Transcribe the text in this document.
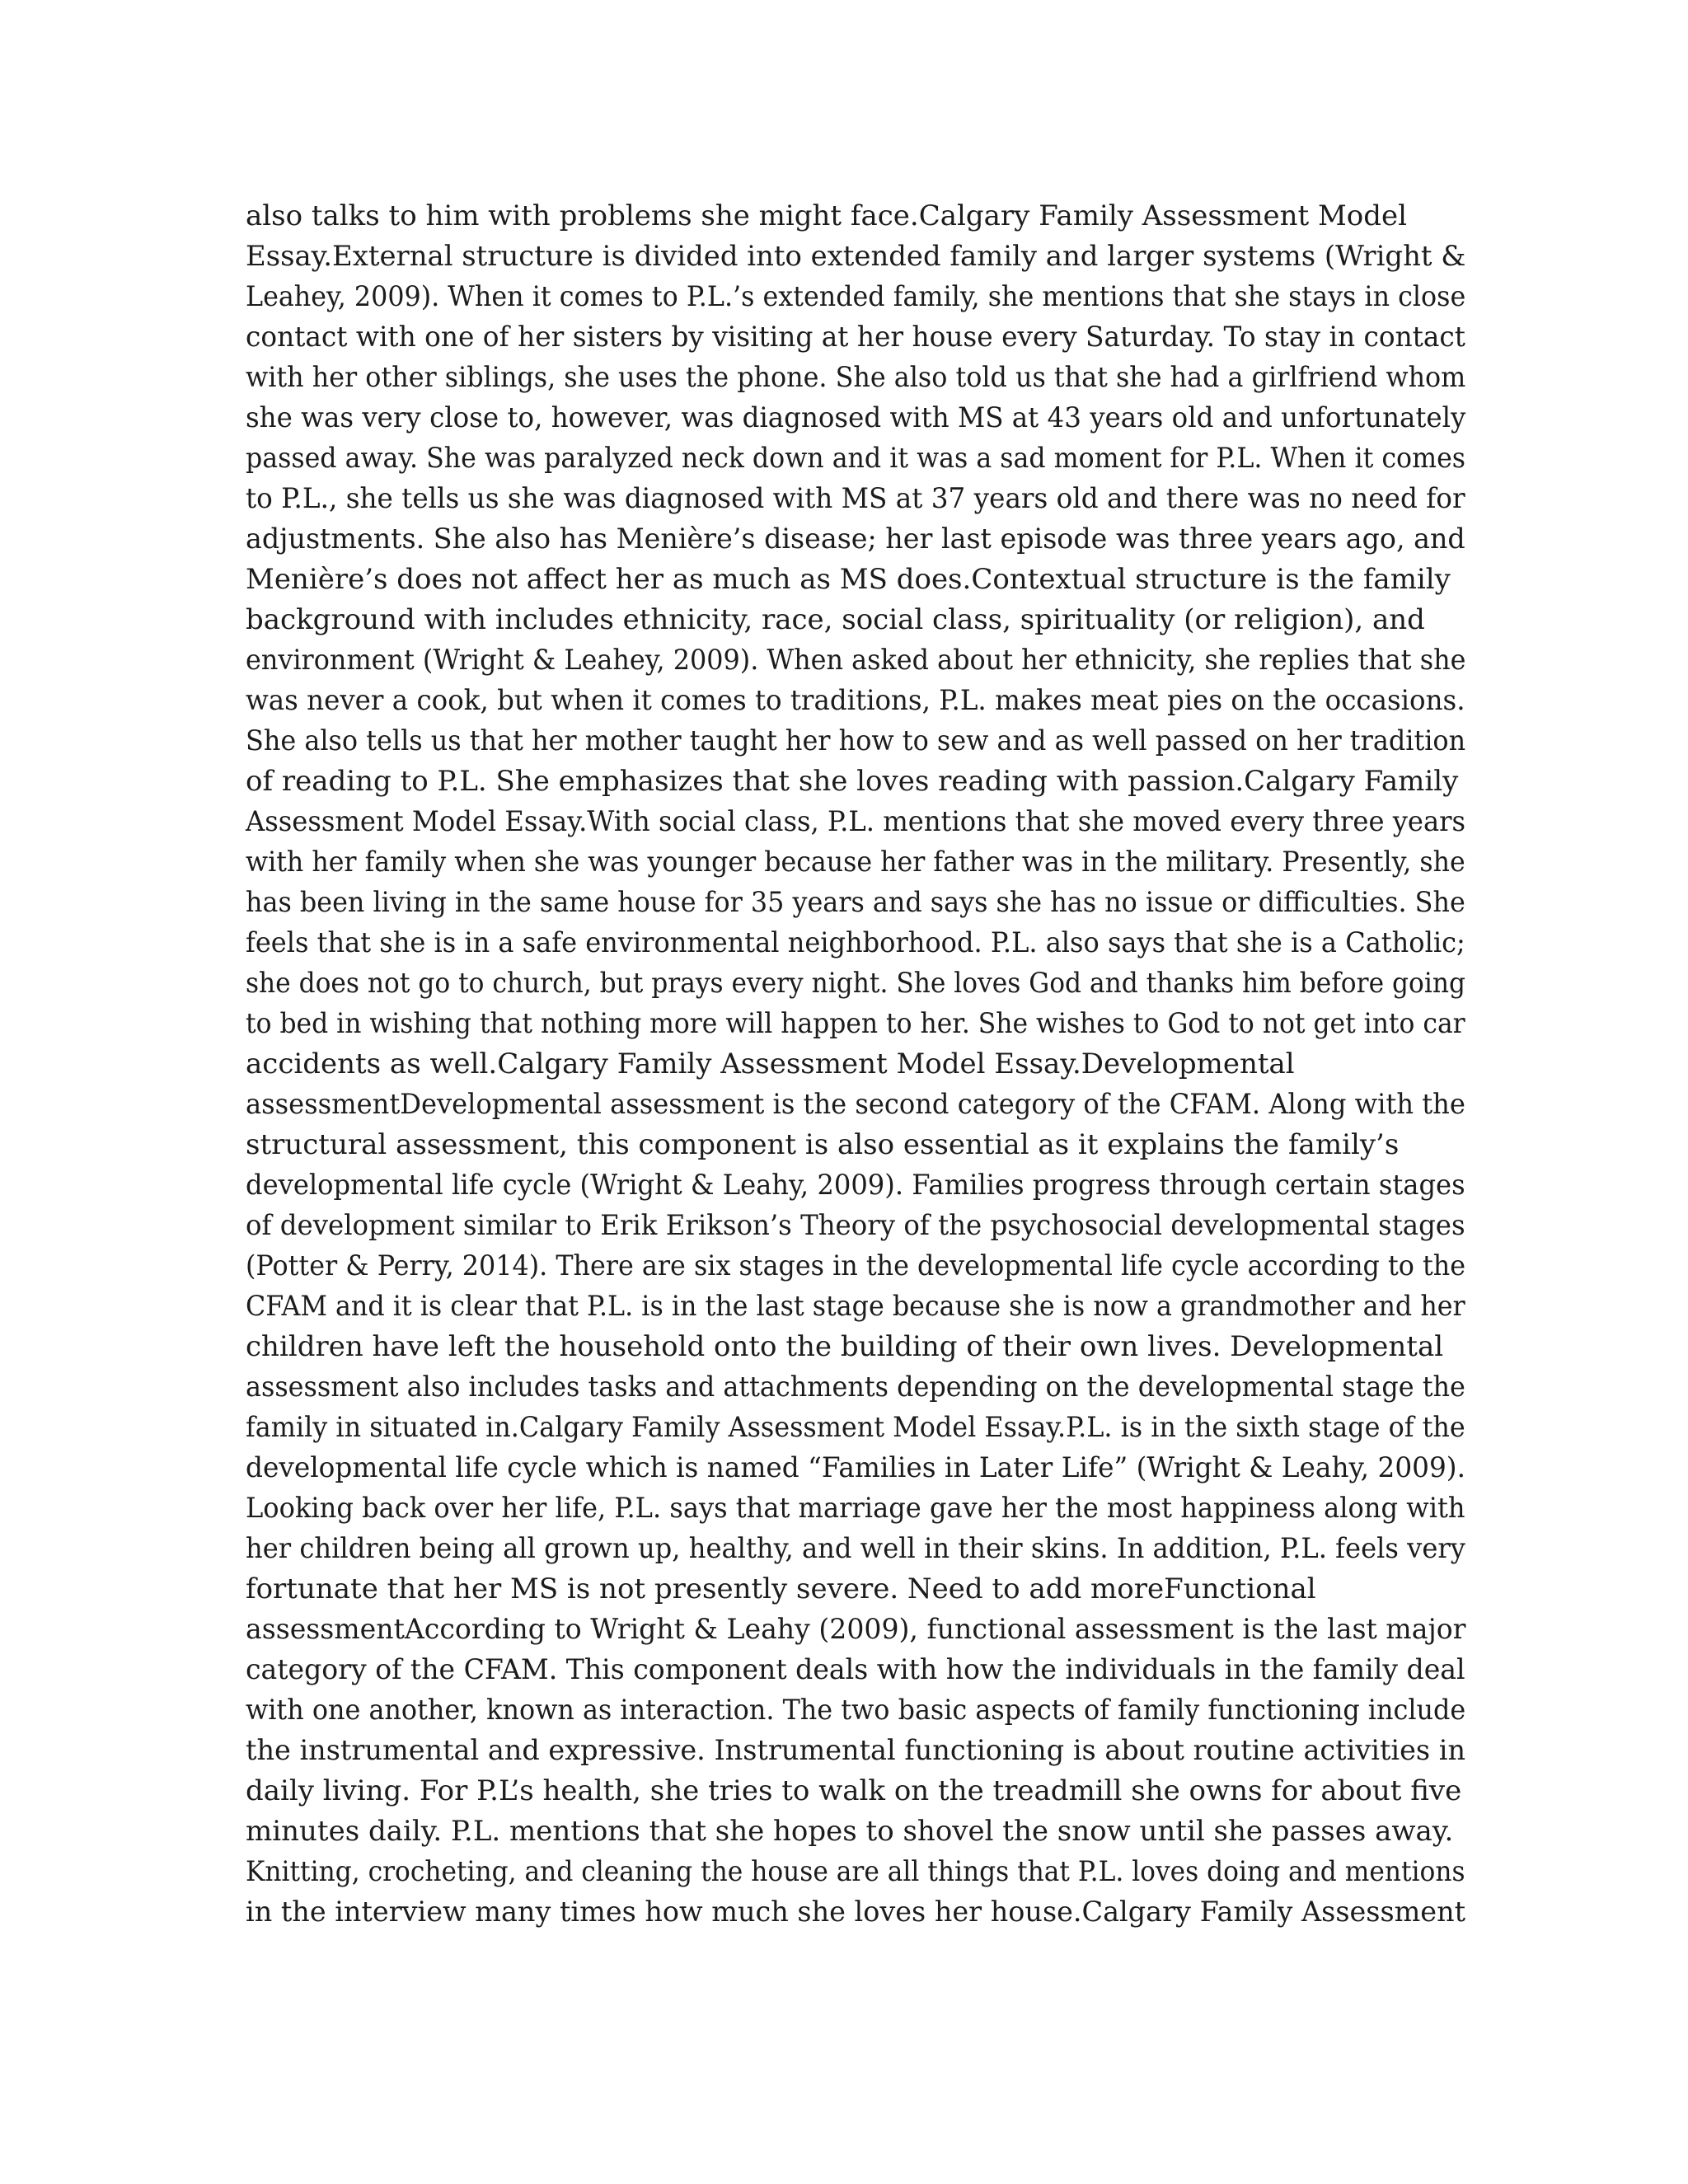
also talks to him with problems she might face.Calgary Family Assessment Model
Essay.External structure is divided into extended family and larger systems (Wright &
Leahey, 2009). When it comes to P.L.’s extended family, she mentions that she stays in close
contact with one of her sisters by visiting at her house every Saturday. To stay in contact
with her other siblings, she uses the phone. She also told us that she had a girlfriend whom
she was very close to, however, was diagnosed with MS at 43 years old and unfortunately
passed away. She was paralyzed neck down and it was a sad moment for P.L. When it comes
to P.L., she tells us she was diagnosed with MS at 37 years old and there was no need for
adjustments. She also has Menière’s disease; her last episode was three years ago, and
Menière’s does not affect her as much as MS does.Contextual structure is the family
background with includes ethnicity, race, social class, spirituality (or religion), and
environment (Wright & Leahey, 2009). When asked about her ethnicity, she replies that she
was never a cook, but when it comes to traditions, P.L. makes meat pies on the occasions.
She also tells us that her mother taught her how to sew and as well passed on her tradition
of reading to P.L. She emphasizes that she loves reading with passion.Calgary Family
Assessment Model Essay.With social class, P.L. mentions that she moved every three years
with her family when she was younger because her father was in the military. Presently, she
has been living in the same house for 35 years and says she has no issue or difficulties. She
feels that she is in a safe environmental neighborhood. P.L. also says that she is a Catholic;
she does not go to church, but prays every night. She loves God and thanks him before going
to bed in wishing that nothing more will happen to her. She wishes to God to not get into car
accidents as well.Calgary Family Assessment Model Essay.Developmental
assessmentDevelopmental assessment is the second category of the CFAM. Along with the
structural assessment, this component is also essential as it explains the family’s
developmental life cycle (Wright & Leahy, 2009). Families progress through certain stages
of development similar to Erik Erikson’s Theory of the psychosocial developmental stages
(Potter & Perry, 2014). There are six stages in the developmental life cycle according to the
CFAM and it is clear that P.L. is in the last stage because she is now a grandmother and her
children have left the household onto the building of their own lives. Developmental
assessment also includes tasks and attachments depending on the developmental stage the
family in situated in.Calgary Family Assessment Model Essay.P.L. is in the sixth stage of the
developmental life cycle which is named “Families in Later Life” (Wright & Leahy, 2009).
Looking back over her life, P.L. says that marriage gave her the most happiness along with
her children being all grown up, healthy, and well in their skins. In addition, P.L. feels very
fortunate that her MS is not presently severe. Need to add moreFunctional
assessmentAccording to Wright & Leahy (2009), functional assessment is the last major
category of the CFAM. This component deals with how the individuals in the family deal
with one another, known as interaction. The two basic aspects of family functioning include
the instrumental and expressive. Instrumental functioning is about routine activities in
daily living. For P.L’s health, she tries to walk on the treadmill she owns for about five
minutes daily. P.L. mentions that she hopes to shovel the snow until she passes away.
Knitting, crocheting, and cleaning the house are all things that P.L. loves doing and mentions
in the interview many times how much she loves her house.Calgary Family Assessment
